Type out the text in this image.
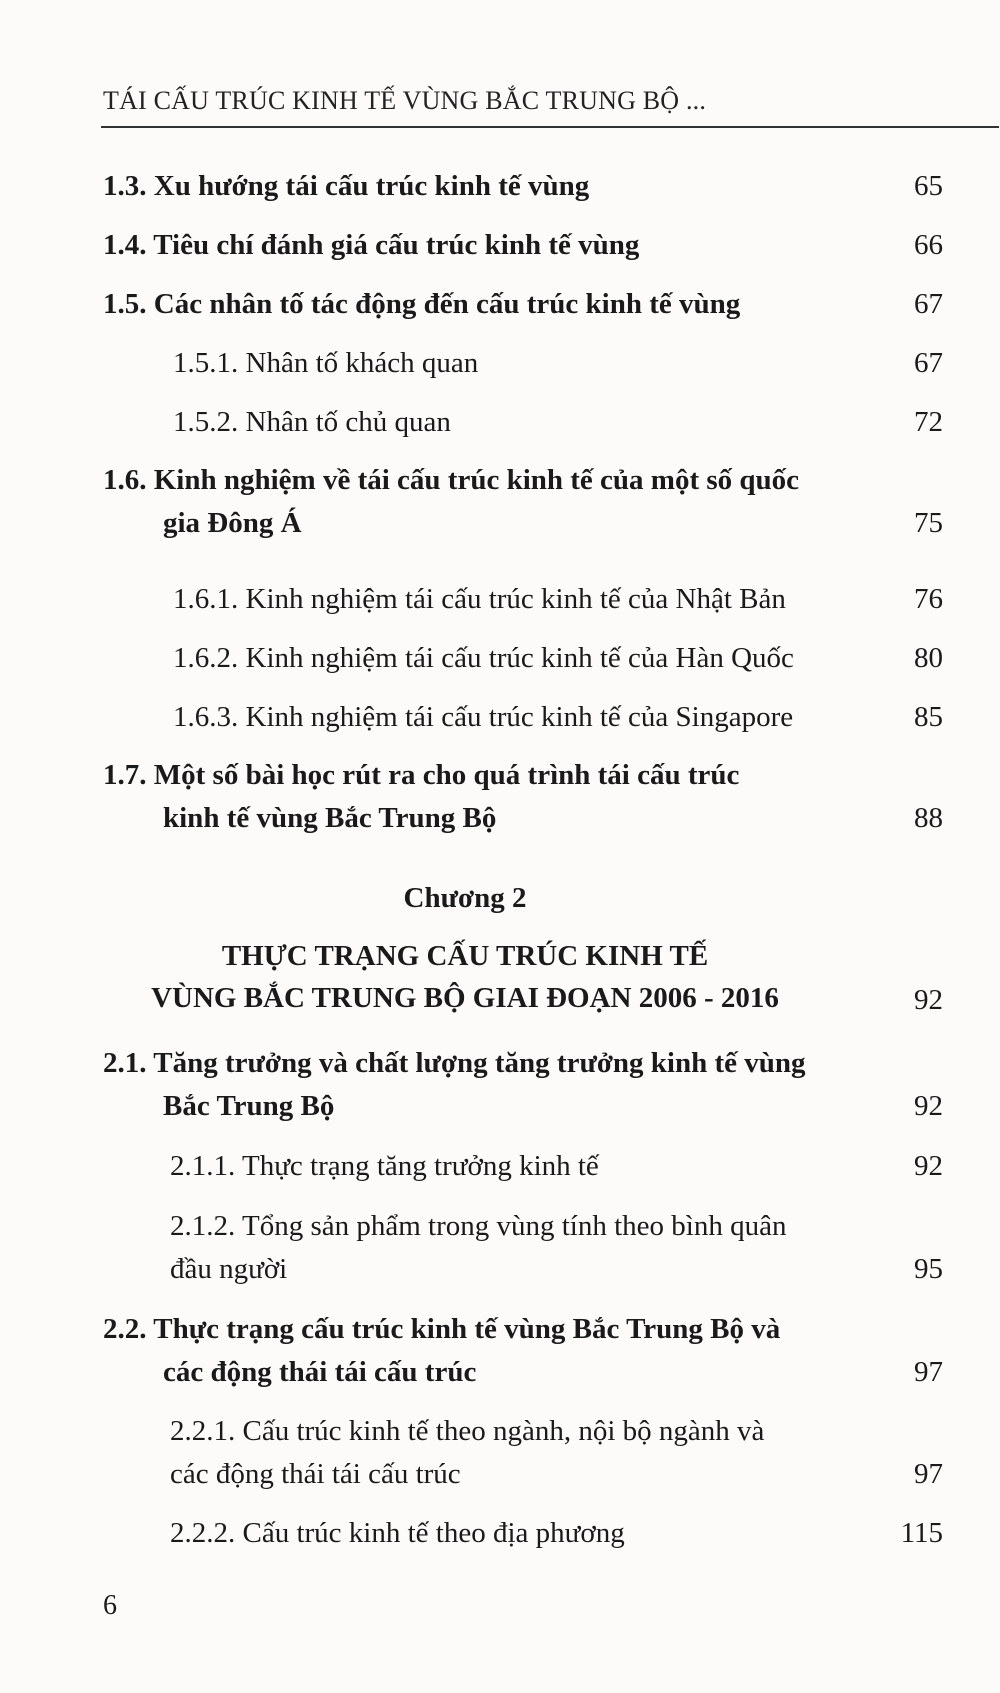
TÁI CẤU TRÚC KINH TẾ VÙNG BẮC TRUNG BỘ ...
1.3. Xu hướng tái cấu trúc kinh tế vùng	65
1.4. Tiêu chí đánh giá cấu trúc kinh tế vùng	66
1.5. Các nhân tố tác động đến cấu trúc kinh tế vùng	67
1.5.1. Nhân tố khách quan	67
1.5.2. Nhân tố chủ quan	72
1.6. Kinh nghiệm về tái cấu trúc kinh tế của một số quốc
gia Đông Á	75
1.6.1. Kinh nghiệm tái cấu trúc kinh tế của Nhật Bản	76
1.6.2. Kinh nghiệm tái cấu trúc kinh tế của Hàn Quốc	80
1.6.3. Kinh nghiệm tái cấu trúc kinh tế của Singapore	85
1.7. Một số bài học rút ra cho quá trình tái cấu trúc
kinh tế vùng Bắc Trung Bộ	88
Chương 2
THỰC TRẠNG CẤU TRÚC KINH TẾ
VÙNG BẮC TRUNG BỘ GIAI ĐOẠN 2006 - 2016	92
2.1. Tăng trưởng và chất lượng tăng trưởng kinh tế vùng
Bắc Trung Bộ	92
2.1.1. Thực trạng tăng trưởng kinh tế	92
2.1.2. Tổng sản phẩm trong vùng tính theo bình quân
đầu người	95
2.2. Thực trạng cấu trúc kinh tế vùng Bắc Trung Bộ và
các động thái tái cấu trúc	97
2.2.1. Cấu trúc kinh tế theo ngành, nội bộ ngành và
các động thái tái cấu trúc	97
2.2.2. Cấu trúc kinh tế theo địa phương	115
6
